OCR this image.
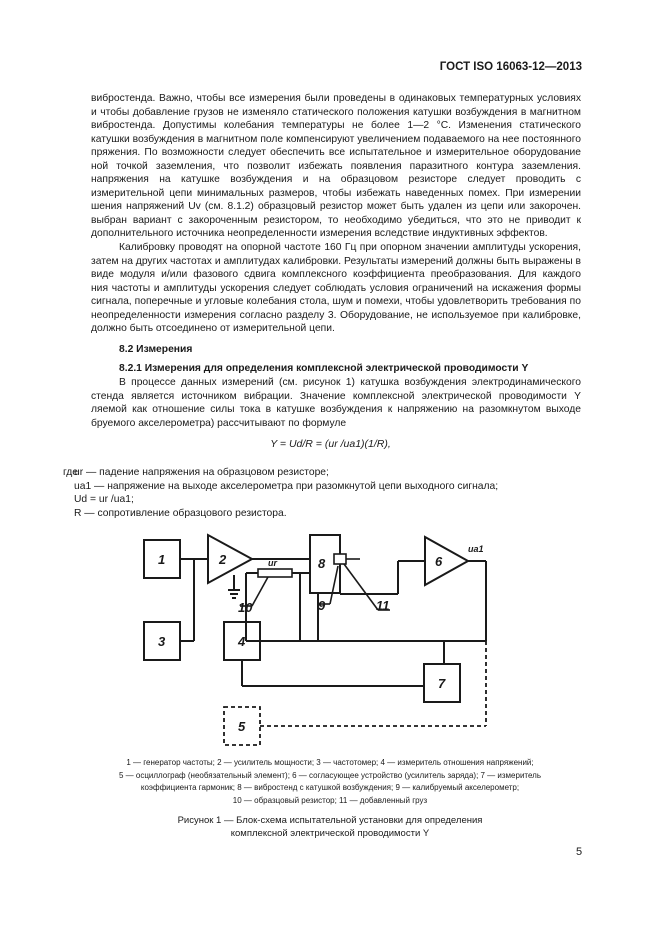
ГОСТ ISO 16063-12—2013
вибростенда. Важно, чтобы все измерения были проведены в одинаковых температурных условиях
и чтобы добавление грузов не изменяло статического положения катушки возбуждения в магнитном
вибростенда. Допустимы колебания температуры не более 1—2 °С. Изменения статического
катушки возбуждения в магнитном поле компенсируют увеличением подаваемого на нее постоянного
пряжения. По возможности следует обеспечить все испытательное и измерительное оборудование
ной точкой заземления, что позволит избежать появления паразитного контура заземления.
напряжения на катушке возбуждения и на образцовом резисторе следует проводить с
измерительной цепи минимальных размеров, чтобы избежать наведенных помех. При измерении
шения напряжений Uv (см. 8.1.2) образцовый резистор может быть удален из цепи или закорочен.
выбран вариант с закороченным резистором, то необходимо убедиться, что это не приводит к
дополнительного источника неопределенности измерения вследствие индуктивных эффектов.
Калибровку проводят на опорной частоте 160 Гц при опорном значении амплитуды ускорения,
затем на других частотах и амплитудах калибровки. Результаты измерений должны быть выражены в
виде модуля и/или фазового сдвига комплексного коэффициента преобразования. Для каждого
ния частоты и амплитуды ускорения следует соблюдать условия ограничений на искажения формы
сигнала, поперечные и угловые колебания стола, шум и помехи, чтобы удовлетворить требования по
неопределенности измерения согласно разделу 3. Оборудование, не используемое при калибровке,
должно быть отсоединено от измерительной цепи.
8.2 Измерения
8.2.1 Измерения для определения комплексной электрической проводимости Y
В процессе данных измерений (см. рисунок 1) катушка возбуждения электродинамического
стенда является источником вибрации. Значение комплексной электрической проводимости Y
ляемой как отношение силы тока в катушке возбуждения к напряжению на разомкнутом выходе
бруемого акселерометра) рассчитывают по формуле
Y = Ud/R = (ur /ua1)(1/R),
где
ur — падение напряжения на образцовом резисторе;
ua1 — напряжение на выходе акселерометра при разомкнутой цепи выходного сигнала;
Ud = ur /ua1;
R — сопротивление образцового резистора.
1	2
3	4
5
6
7
8
9
10	11
ur
ua1
1 — генератор частоты; 2 — усилитель мощности; 3 — частотомер; 4 — измеритель отношения напряжений;
5 — осциллограф (необязательный элемент); 6 — согласующее устройство (усилитель заряда); 7 — измеритель
коэффициента гармоник; 8 — вибростенд с катушкой возбуждения; 9 — калибруемый акселерометр;
10 — образцовый резистор; 11 — добавленный груз
Рисунок 1 — Блок-схема испытательной установки для определения
комплексной электрической проводимости Y
5
